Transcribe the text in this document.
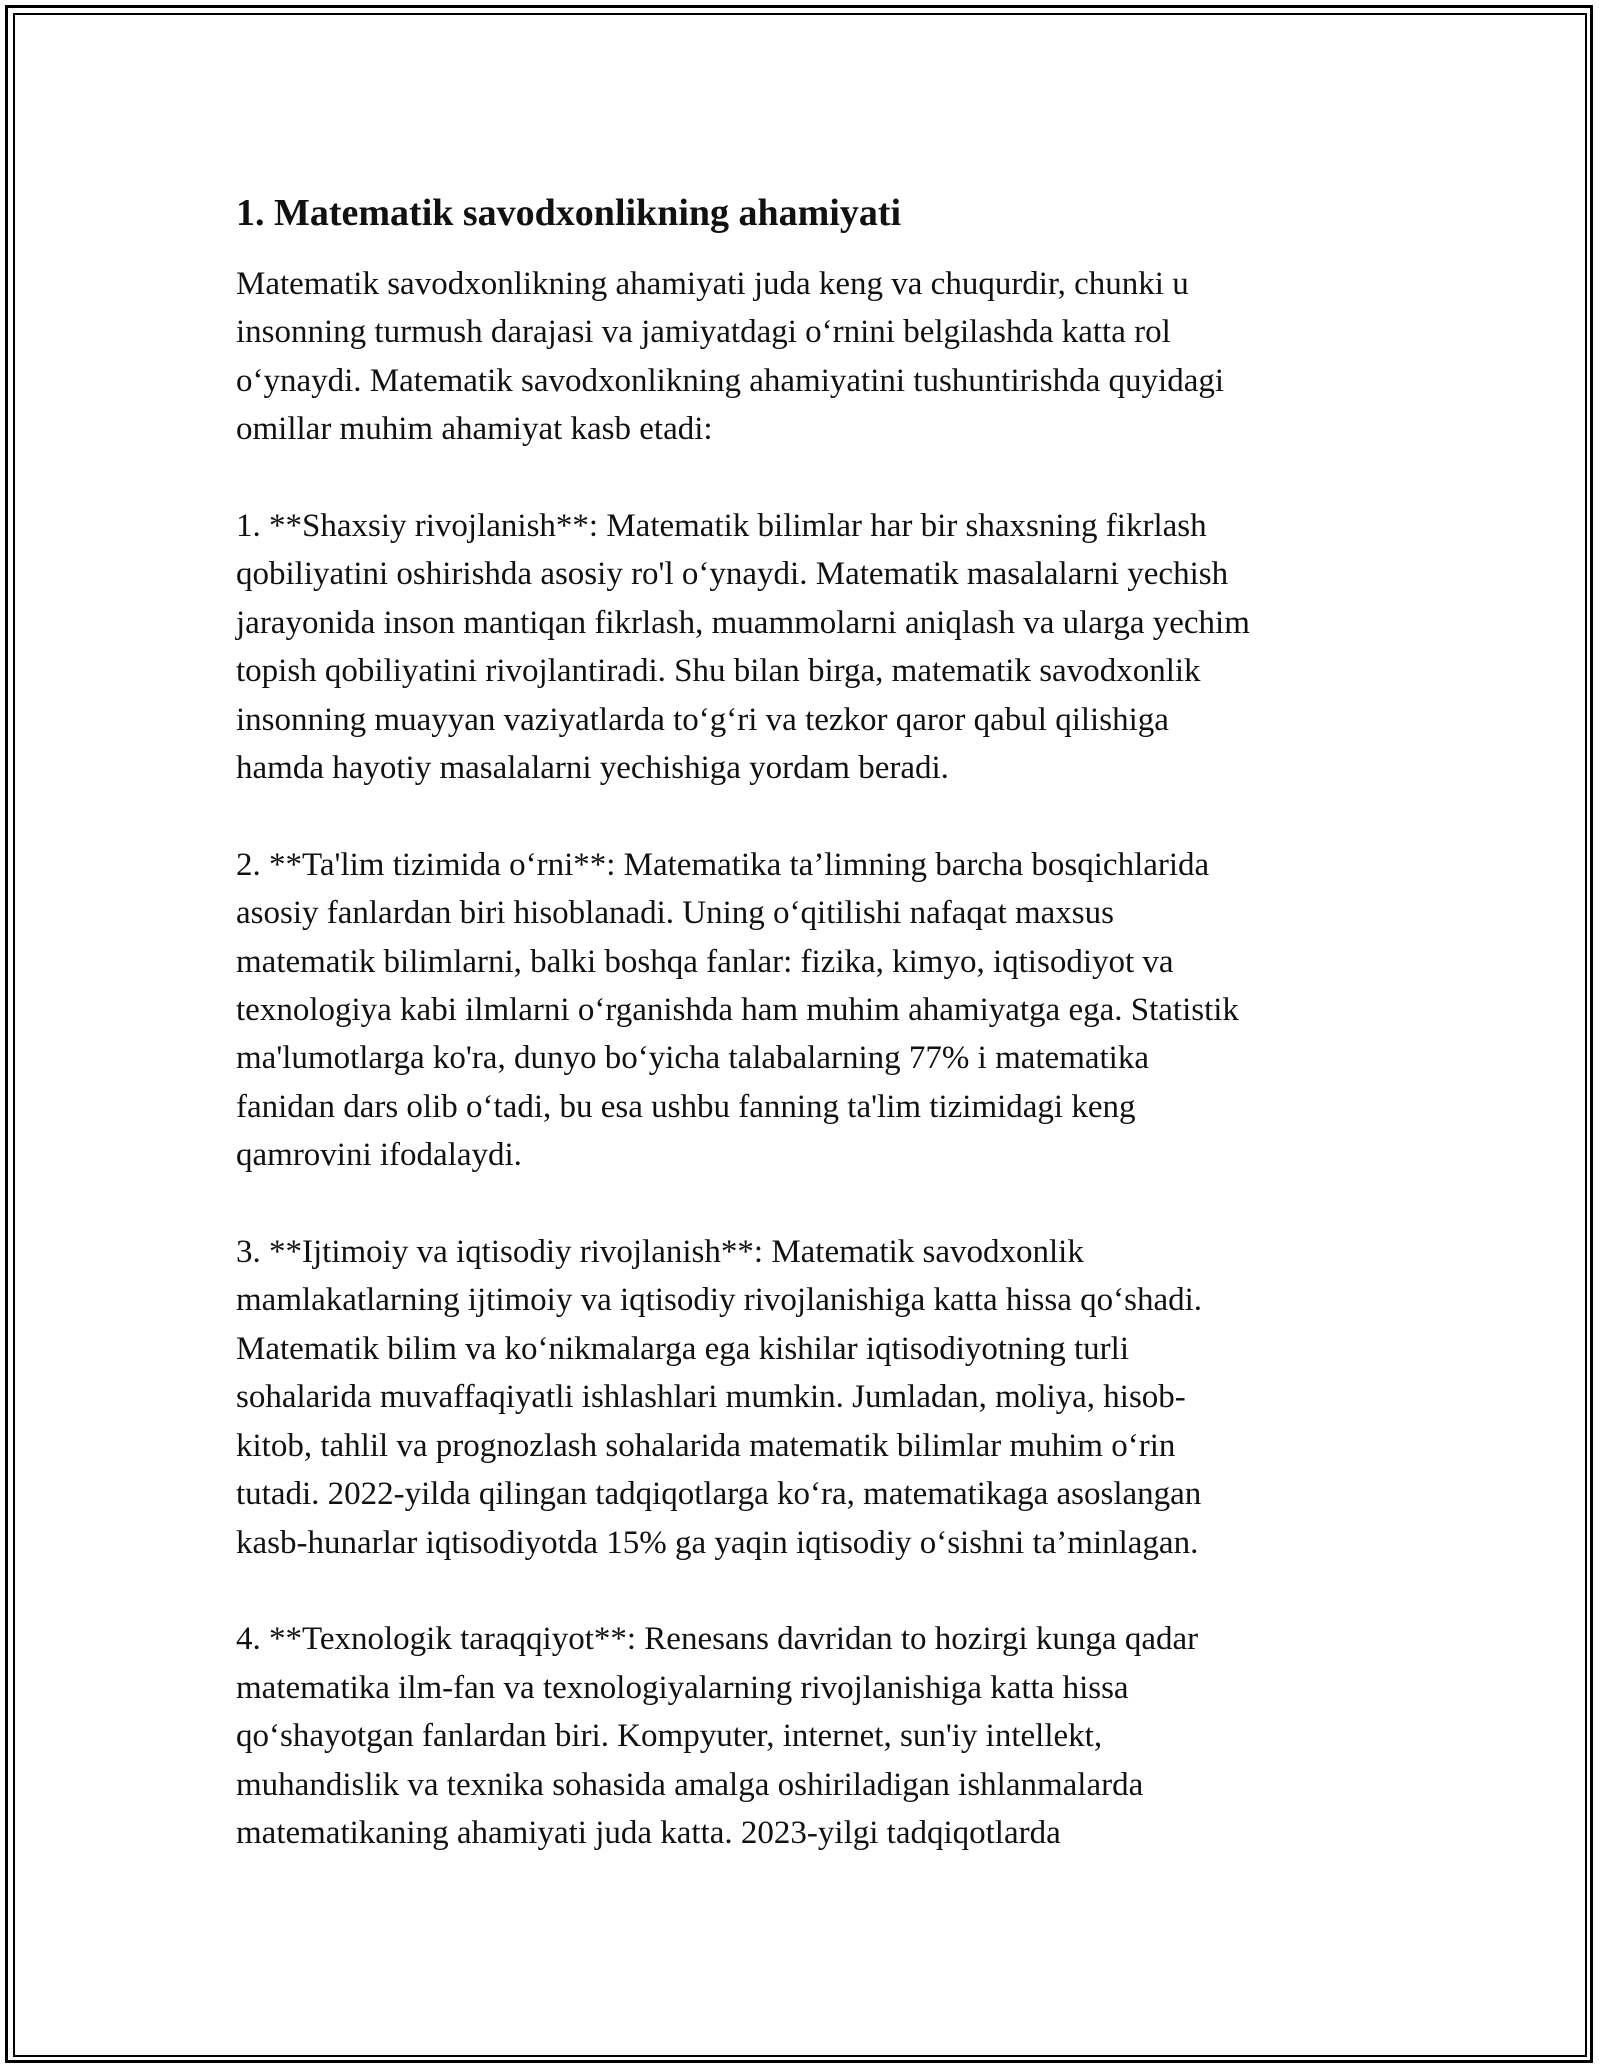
1. Matematik savodxonlikning ahamiyati

Matematik savodxonlikning ahamiyati juda keng va chuqurdir, chunki u
insonning turmush darajasi va jamiyatdagi o‘rnini belgilashda katta rol
o‘ynaydi. Matematik savodxonlikning ahamiyatini tushuntirishda quyidagi
omillar muhim ahamiyat kasb etadi:

1. **Shaxsiy rivojlanish**: Matematik bilimlar har bir shaxsning fikrlash
qobiliyatini oshirishda asosiy ro'l o‘ynaydi. Matematik masalalarni yechish
jarayonida inson mantiqan fikrlash, muammolarni aniqlash va ularga yechim
topish qobiliyatini rivojlantiradi. Shu bilan birga, matematik savodxonlik
insonning muayyan vaziyatlarda to‘g‘ri va tezkor qaror qabul qilishiga
hamda hayotiy masalalarni yechishiga yordam beradi.

2. **Ta'lim tizimida o‘rni**: Matematika ta’limning barcha bosqichlarida
asosiy fanlardan biri hisoblanadi. Uning o‘qitilishi nafaqat maxsus
matematik bilimlarni, balki boshqa fanlar: fizika, kimyo, iqtisodiyot va
texnologiya kabi ilmlarni o‘rganishda ham muhim ahamiyatga ega. Statistik
ma'lumotlarga ko'ra, dunyo bo‘yicha talabalarning 77% i matematika
fanidan dars olib o‘tadi, bu esa ushbu fanning ta'lim tizimidagi keng
qamrovini ifodalaydi.

3. **Ijtimoiy va iqtisodiy rivojlanish**: Matematik savodxonlik
mamlakatlarning ijtimoiy va iqtisodiy rivojlanishiga katta hissa qo‘shadi.
Matematik bilim va ko‘nikmalarga ega kishilar iqtisodiyotning turli
sohalarida muvaffaqiyatli ishlashlari mumkin. Jumladan, moliya, hisob-
kitob, tahlil va prognozlash sohalarida matematik bilimlar muhim o‘rin
tutadi. 2022-yilda qilingan tadqiqotlarga ko‘ra, matematikaga asoslangan
kasb-hunarlar iqtisodiyotda 15% ga yaqin iqtisodiy o‘sishni ta’minlagan.

4. **Texnologik taraqqiyot**: Renesans davridan to hozirgi kunga qadar
matematika ilm-fan va texnologiyalarning rivojlanishiga katta hissa
qo‘shayotgan fanlardan biri. Kompyuter, internet, sun'iy intellekt,
muhandislik va texnika sohasida amalga oshiriladigan ishlanmalarda
matematikaning ahamiyati juda katta. 2023-yilgi tadqiqotlarda
